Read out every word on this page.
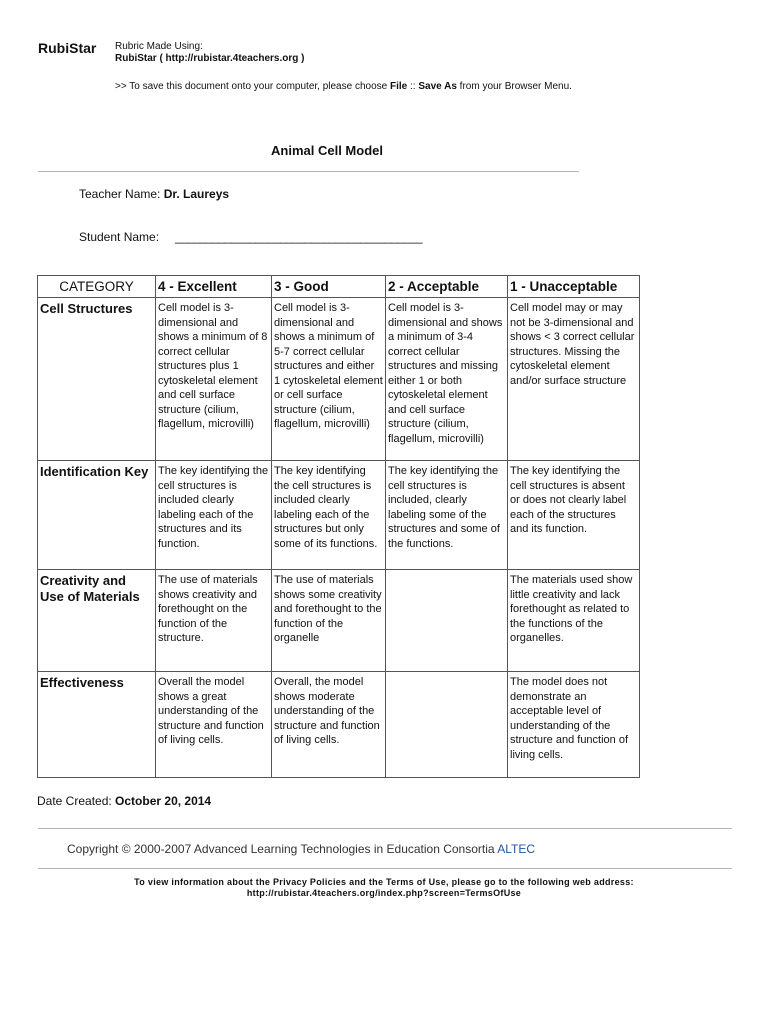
RubiStar Rubric Made Using:
RubiStar ( http://rubistar.4teachers.org )
>> To save this document onto your computer, please choose File :: Save As from your Browser Menu.
Animal Cell Model
Teacher Name: Dr. Laureys
Student Name: ________________________________________
CATEGORY	4 - Excellent	3 - Good	2 - Acceptable	1 - Unacceptable
Cell Structures	Cell model is 3-dimensional and shows a minimum of 8 correct cellular structures plus 1 cytoskeletal element and cell surface structure (cilium, flagellum, microvilli)	Cell model is 3-dimensional and shows a minimum of 5-7 correct cellular structures and either 1 cytoskeletal element or cell surface structure (cilium, flagellum, microvilli)	Cell model is 3-dimensional and shows a minimum of 3-4 correct cellular structures and missing either 1 or both cytoskeletal element and cell surface structure (cilium, flagellum, microvilli)	Cell model may or may not be 3-dimensional and shows < 3 correct cellular structures. Missing the cytoskeletal element and/or surface structure
Identification Key	The key identifying the cell structures is included clearly labeling each of the structures and its function.	The key identifying the cell structures is included clearly labeling each of the structures but only some of its functions.	The key identifying the cell structures is included, clearly labeling some of the structures and some of the functions.	The key identifying the cell structures is absent or does not clearly label each of the structures and its function.
Creativity and Use of Materials	The use of materials shows creativity and forethought on the function of the structure.	The use of materials shows some creativity and forethought to the function of the organelle		The materials used show little creativity and lack forethought as related to the functions of the organelles.
Effectiveness	Overall the model shows a great understanding of the structure and function of living cells.	Overall, the model shows moderate understanding of the structure and function of living cells.		The model does not demonstrate an acceptable level of understanding of the structure and function of living cells.
Date Created: October 20, 2014
Copyright © 2000-2007 Advanced Learning Technologies in Education Consortia ALTEC
To view information about the Privacy Policies and the Terms of Use, please go to the following web address:
http://rubistar.4teachers.org/index.php?screen=TermsOfUse
